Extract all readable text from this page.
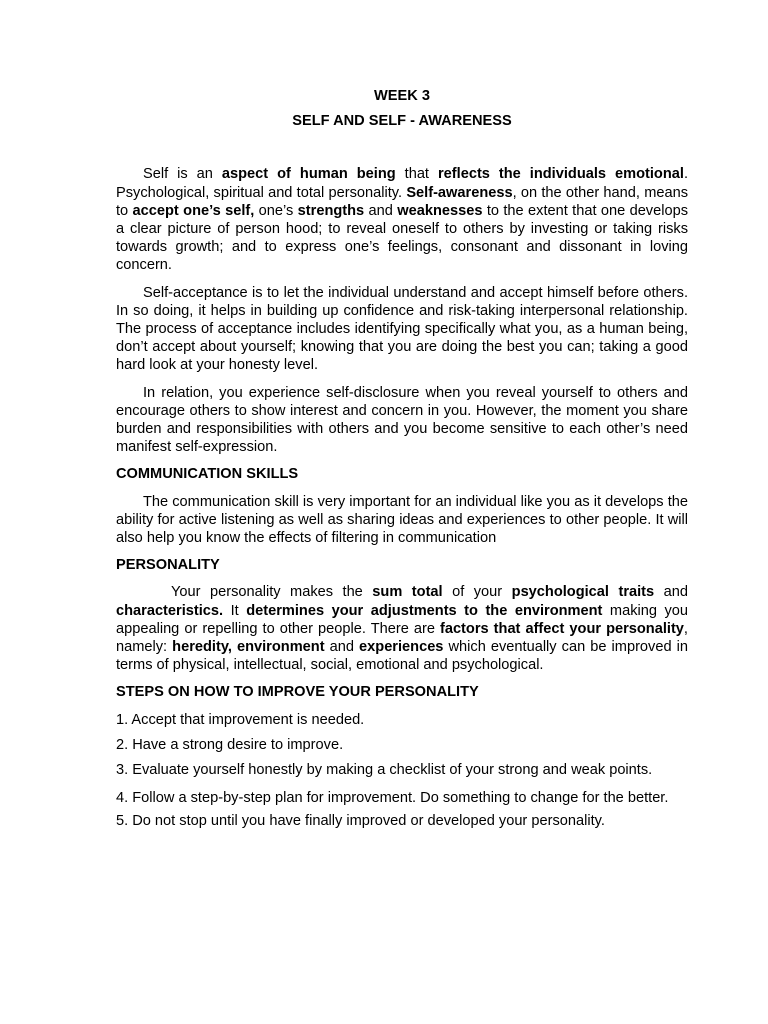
WEEK 3

SELF AND SELF - AWARENESS

Self is an aspect of human being that reflects the individuals emotional. Psychological, spiritual and total personality. Self-awareness, on the other hand, means to accept one’s self, one’s strengths and weaknesses to the extent that one develops a clear picture of person hood; to reveal oneself to others by investing or taking risks towards growth; and to express one’s feelings, consonant and dissonant in loving concern.

Self-acceptance is to let the individual understand and accept himself before others. In so doing, it helps in building up confidence and risk-taking interpersonal relationship. The process of acceptance includes identifying specifically what you, as a human being, don’t accept about yourself; knowing that you are doing the best you can; taking a good hard look at your honesty level.

In relation, you experience self-disclosure when you reveal yourself to others and encourage others to show interest and concern in you. However, the moment you share burden and responsibilities with others and you become sensitive to each other’s need manifest self-expression.

COMMUNICATION SKILLS

The communication skill is very important for an individual like you as it develops the ability for active listening as well as sharing ideas and experiences to other people. It will also help you know the effects of filtering in communication

PERSONALITY

Your personality makes the sum total of your psychological traits and characteristics. It determines your adjustments to the environment making you appealing or repelling to other people. There are factors that affect your personality, namely: heredity, environment and experiences which eventually can be improved in terms of physical, intellectual, social, emotional and psychological.

STEPS ON HOW TO IMPROVE YOUR PERSONALITY
1. Accept that improvement is needed.
2. Have a strong desire to improve.
3. Evaluate yourself honestly by making a checklist of your strong and weak points.
4. Follow a step-by-step plan for improvement. Do something to change for the better.
5. Do not stop until you have finally improved or developed your personality.
